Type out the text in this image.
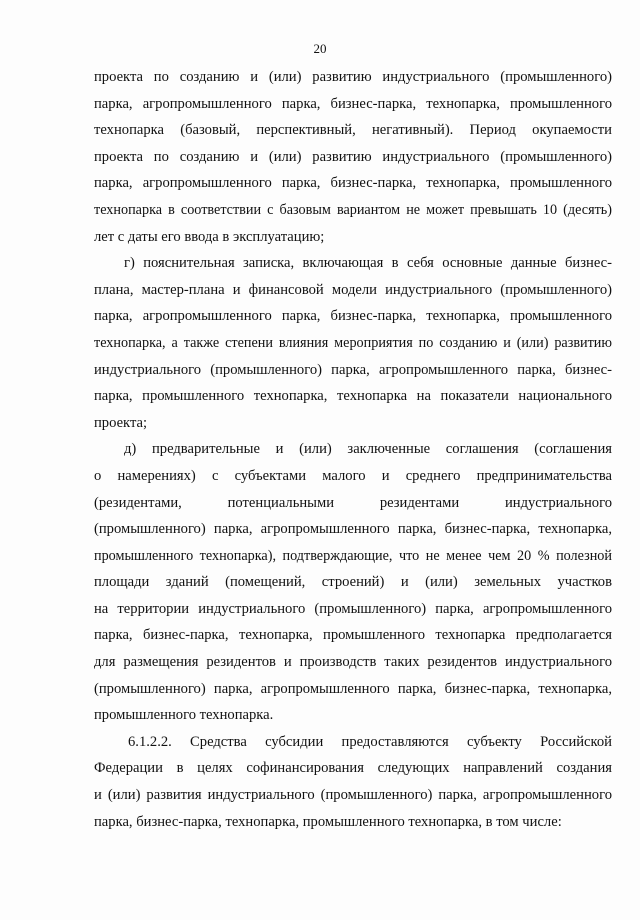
20
проекта по созданию и (или) развитию индустриального (промышленного)
парка, агропромышленного парка, бизнес-парка, технопарка, промышленного
технопарка (базовый, перспективный, негативный). Период окупаемости
проекта по созданию и (или) развитию индустриального (промышленного)
парка, агропромышленного парка, бизнес-парка, технопарка, промышленного
технопарка в соответствии с базовым вариантом не может превышать 10 (десять)
лет с даты его ввода в эксплуатацию;
г) пояснительная записка, включающая в себя основные данные бизнес-
плана, мастер-плана и финансовой модели индустриального (промышленного)
парка, агропромышленного парка, бизнес-парка, технопарка, промышленного
технопарка, а также степени влияния мероприятия по созданию и (или) развитию
индустриального (промышленного) парка, агропромышленного парка, бизнес-
парка, промышленного технопарка, технопарка на показатели национального
проекта;
д) предварительные и (или) заключенные соглашения (соглашения
о намерениях) с субъектами малого и среднего предпринимательства
(резидентами, потенциальными резидентами индустриального
(промышленного) парка, агропромышленного парка, бизнес-парка, технопарка,
промышленного технопарка), подтверждающие, что не менее чем 20 % полезной
площади зданий (помещений, строений) и (или) земельных участков
на территории индустриального (промышленного) парка, агропромышленного
парка, бизнес-парка, технопарка, промышленного технопарка предполагается
для размещения резидентов и производств таких резидентов индустриального
(промышленного) парка, агропромышленного парка, бизнес-парка, технопарка,
промышленного технопарка.
6.1.2.2. Средства субсидии предоставляются субъекту Российской
Федерации в целях софинансирования следующих направлений создания
и (или) развития индустриального (промышленного) парка, агропромышленного
парка, бизнес-парка, технопарка, промышленного технопарка, в том числе:
